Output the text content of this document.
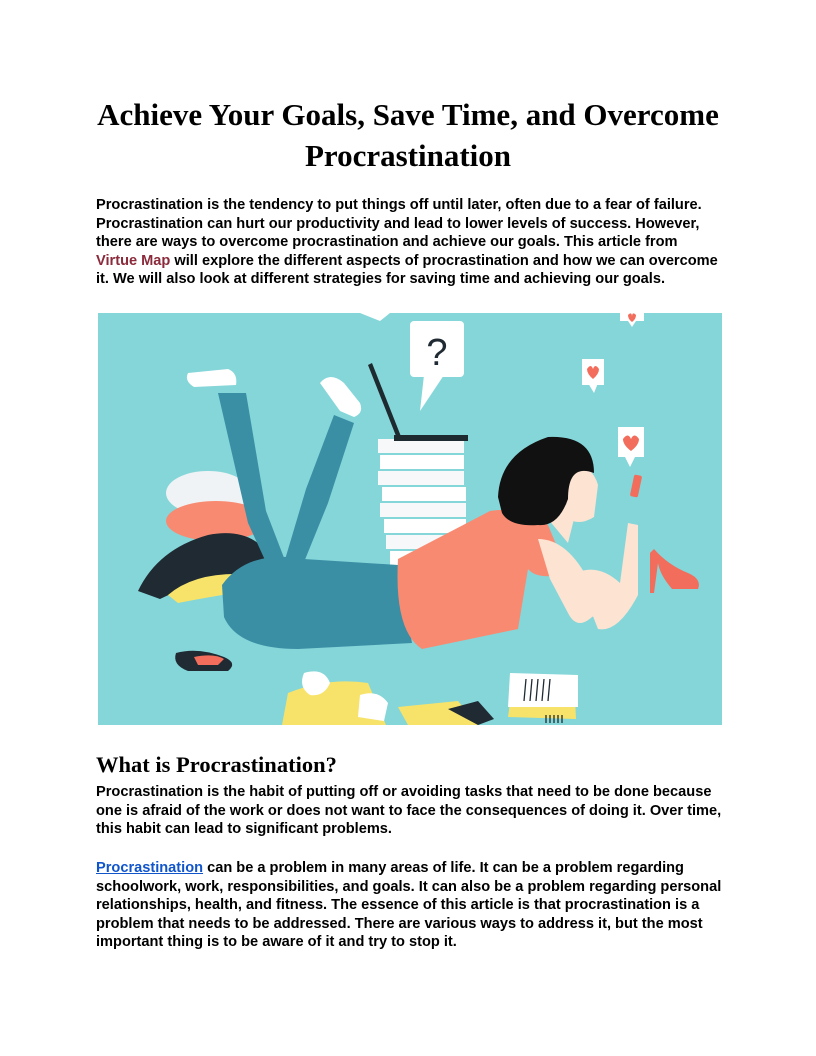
Achieve Your Goals, Save Time, and Overcome Procrastination

Procrastination is the tendency to put things off until later, often due to a fear of failure. Procrastination can hurt our productivity and lead to lower levels of success. However, there are ways to overcome procrastination and achieve our goals. This article from Virtue Map will explore the different aspects of procrastination and how we can overcome it. We will also look at different strategies for saving time and achieving our goals.

?
What is Procrastination?

Procrastination is the habit of putting off or avoiding tasks that need to be done because one is afraid of the work or does not want to face the consequences of doing it. Over time, this habit can lead to significant problems.

Procrastination can be a problem in many areas of life. It can be a problem regarding schoolwork, work, responsibilities, and goals. It can also be a problem regarding personal relationships, health, and fitness. The essence of this article is that procrastination is a problem that needs to be addressed. There are various ways to address it, but the most important thing is to be aware of it and try to stop it.
